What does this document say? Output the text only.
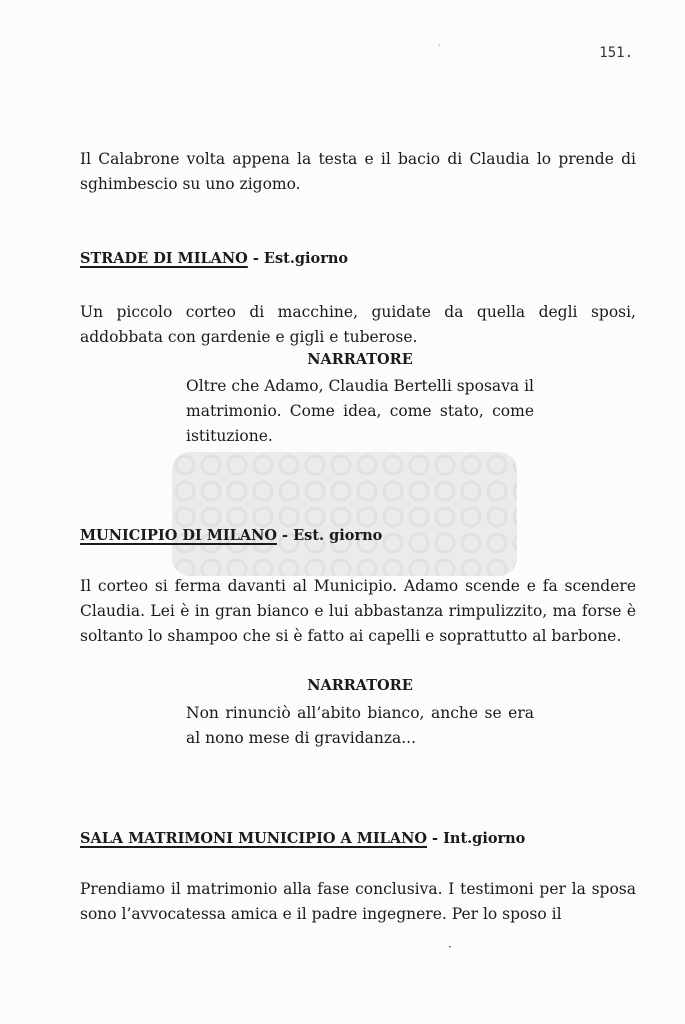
′	151.

Il Calabrone volta appena la testa e il bacio di Claudia lo prende di sghimbescio su uno zigomo.

STRADE DI MILANO - Est.giorno

Un piccolo corteo di macchine, guidate da quella degli sposi, addobbata con gardenie e gigli e tuberose.

NARRATORE

Oltre che Adamo, Claudia Bertelli sposava il matrimonio. Come idea, come stato, come istituzione.

MUNICIPIO DI MILANO - Est. giorno

Il corteo si ferma davanti al Municipio. Adamo scende e fa scendere Claudia. Lei è in gran bianco e lui abbastanza rimpulizzito, ma forse è soltanto lo shampoo che si è fatto ai capelli e soprattutto al barbone.

NARRATORE

Non rinunciò all’abito bianco, anche se era al nono mese di gravidanza...

SALA MATRIMONI MUNICIPIO A MILANO - Int.giorno

Prendiamo il matrimonio alla fase conclusiva. I testimoni per la sposa sono l’avvocatessa amica e il padre ingegnere. Per lo sposo il

·
